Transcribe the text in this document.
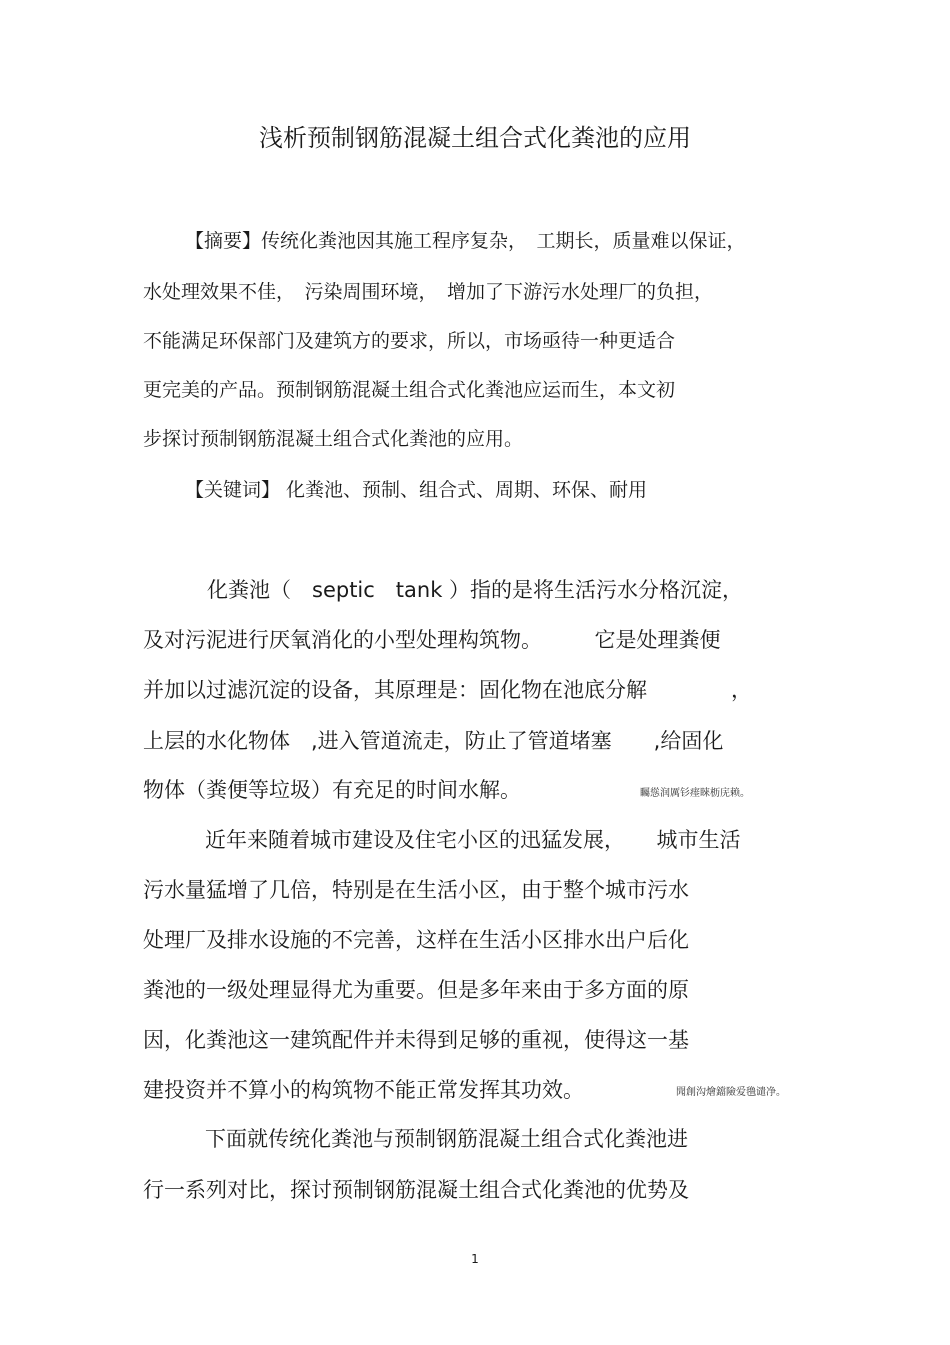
浅析预制钢筋混凝土组合式化粪池的应用
【摘要】传统化粪池因其施工程序复杂，　工期长，质量难以保证，
水处理效果不佳，　污染周围环境，　增加了下游污水处理厂的负担，
不能满足环保部门及建筑方的要求，所以，市场亟待一种更适合
更完美的产品。预制钢筋混凝土组合式化粪池应运而生，本文初
步探讨预制钢筋混凝土组合式化粪池的应用。
【关键词】 化粪池、预制、组合式、周期、环保、耐用
化粪池（　septic　tank ）指的是将生活污水分格沉淀，
及对污泥进行厌氧消化的小型处理构筑物。　　　它是处理粪便
并加以过滤沉淀的设备，其原理是：固化物在池底分解　　　　，
上层的水化物体　,进入管道流走，防止了管道堵塞　　,给固化
物体（粪便等垃圾）有充足的时间水解。	矚慫润厲钐瘗睞枥庑赖。
近年来随着城市建设及住宅小区的迅猛发展，　　城市生活
污水量猛增了几倍，特别是在生活小区，由于整个城市污水
处理厂及排水设施的不完善，这样在生活小区排水出户后化
粪池的一级处理显得尤为重要。但是多年来由于多方面的原
因，化粪池这一建筑配件并未得到足够的重视，使得这一基
建投资并不算小的构筑物不能正常发挥其功效。	聞創沟燴鐺險爱氇谴净。
下面就传统化粪池与预制钢筋混凝土组合式化粪池进
行一系列对比，探讨预制钢筋混凝土组合式化粪池的优势及
1
